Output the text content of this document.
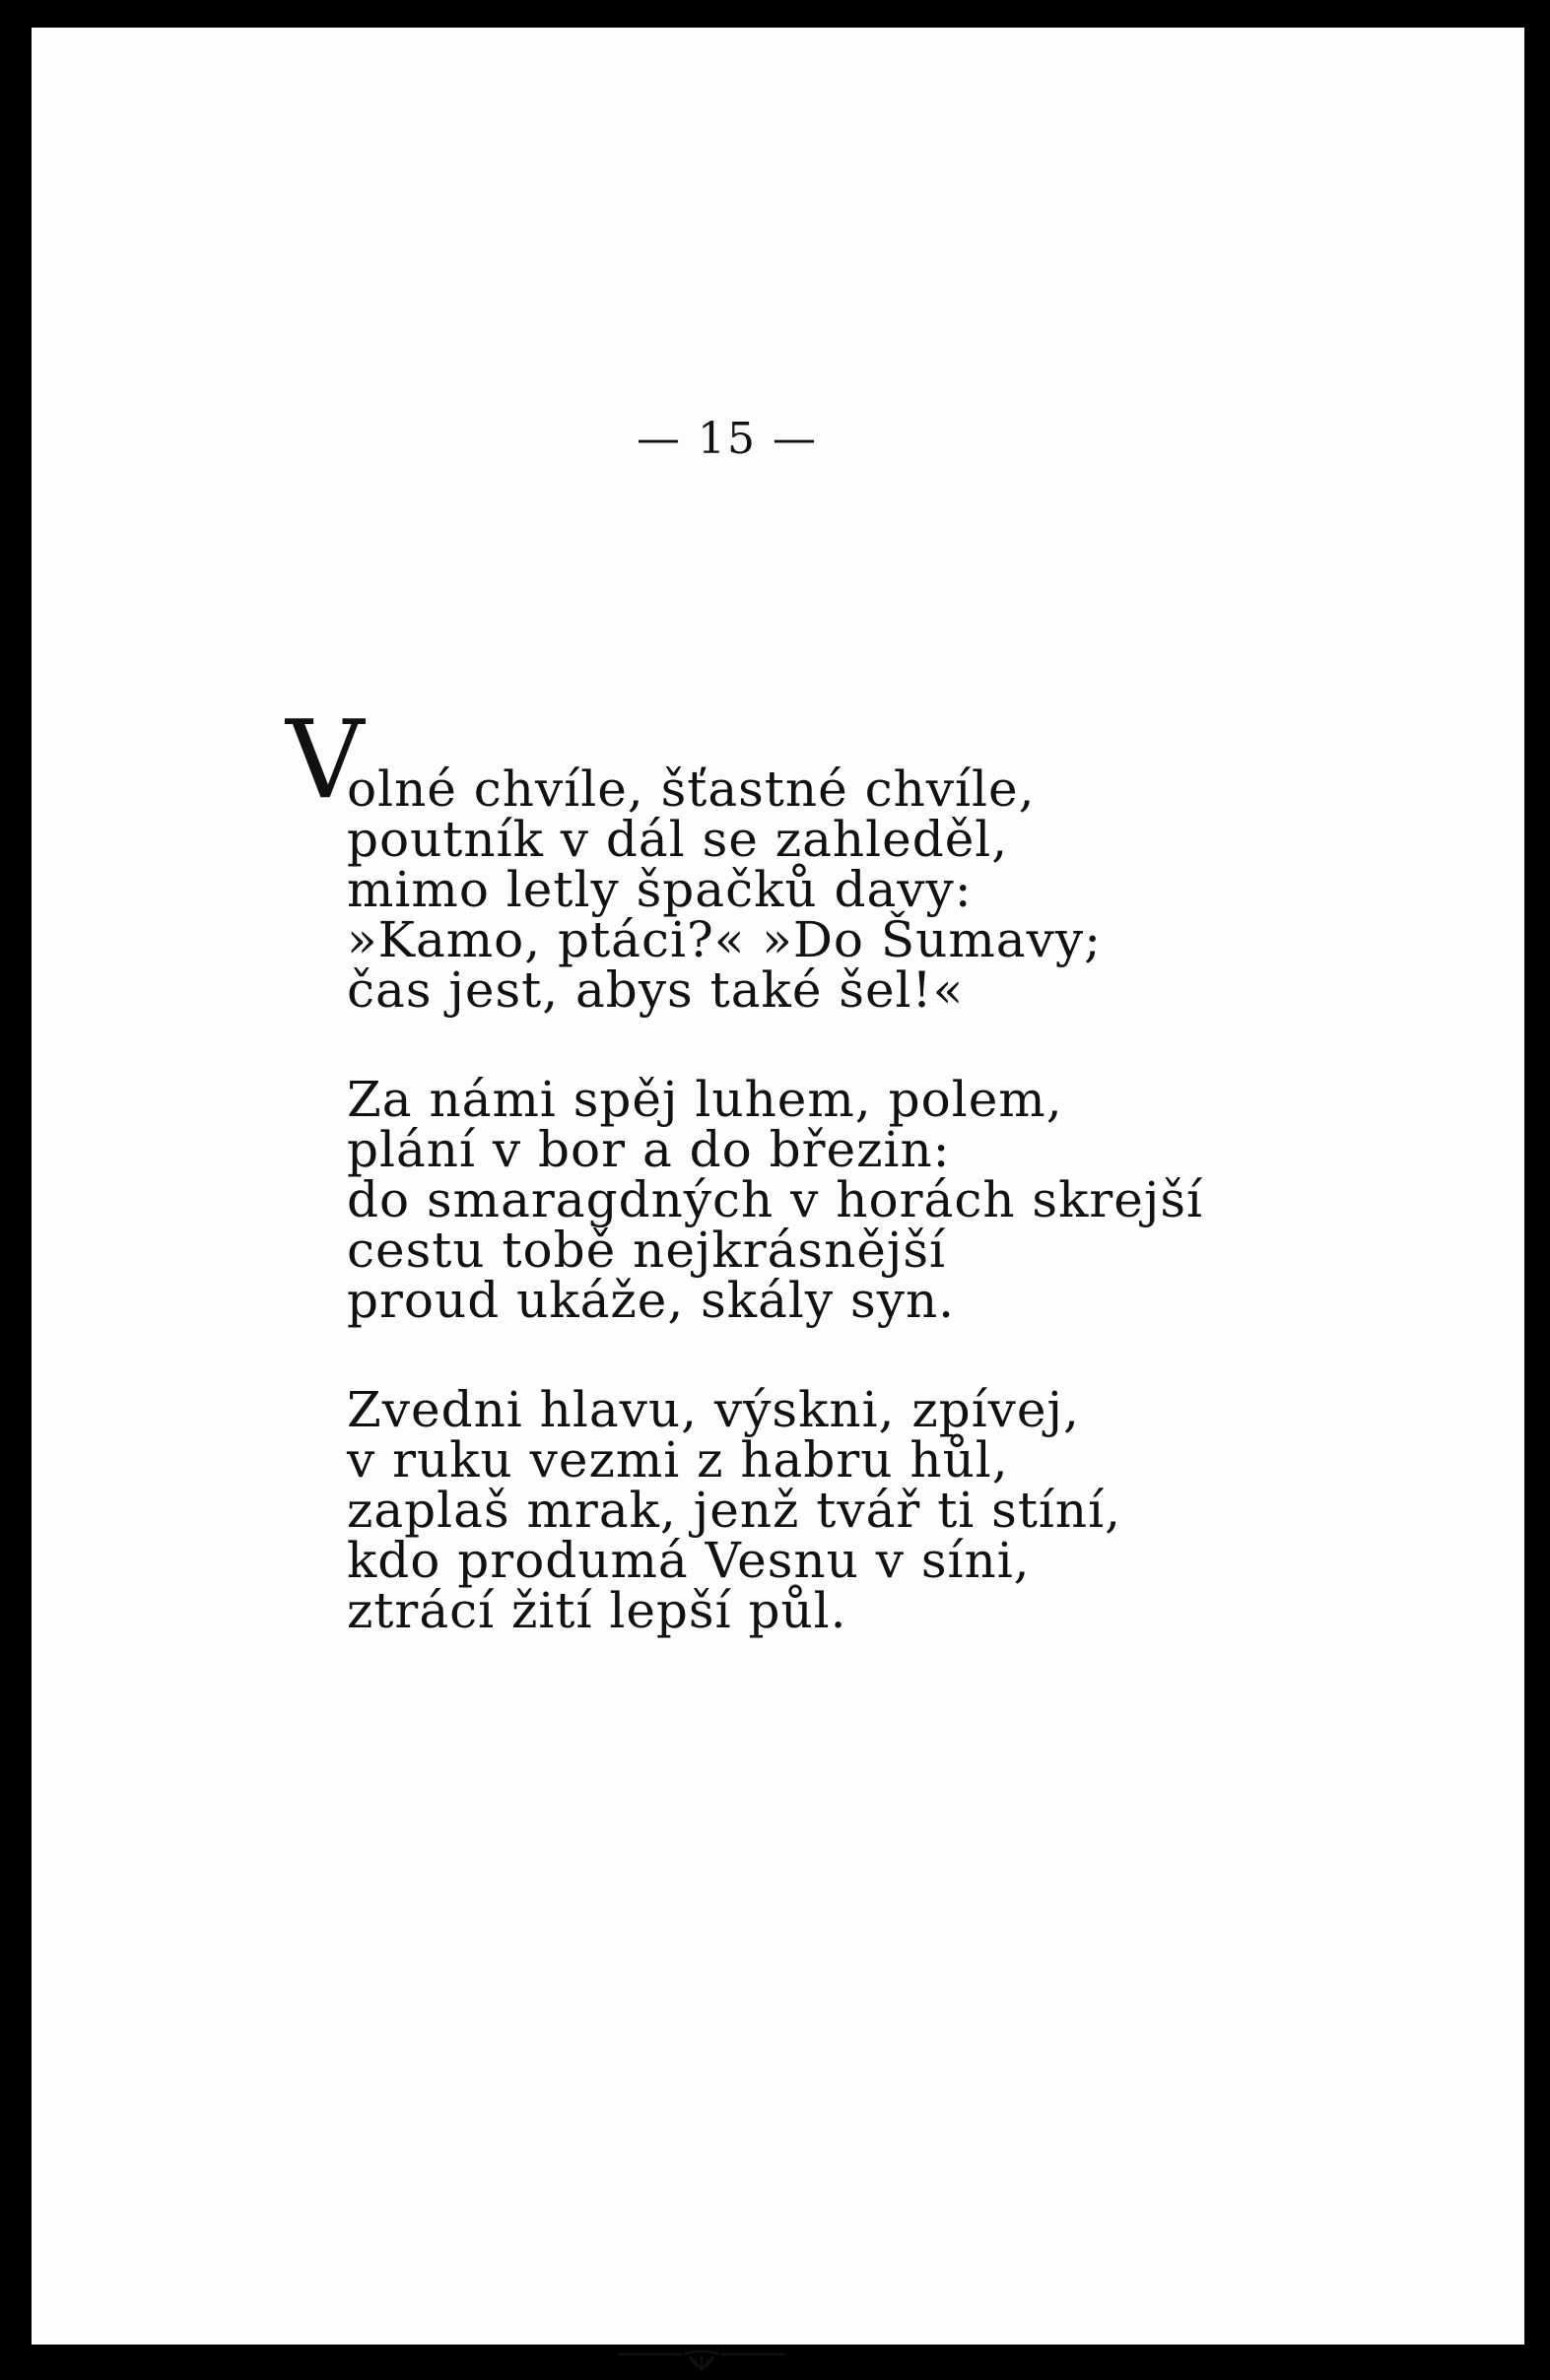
— 15 —
V
olné chvíle, šťastné chvíle,
poutník v dál se zahleděl,
mimo letly špačků davy:
»Kamo, ptáci?« »Do Šumavy;
čas jest, abys také šel!«
Za námi spěj luhem, polem,
plání v bor a do březin:
do smaragdných v horách skrejší
cestu tobě nejkrásnější
proud ukáže, skály syn.
Zvedni hlavu, výskni, zpívej,
v ruku vezmi z habru hůl,
zaplaš mrak, jenž tvář ti stíní,
kdo produmá Vesnu v síni,
ztrácí žití lepší půl.
